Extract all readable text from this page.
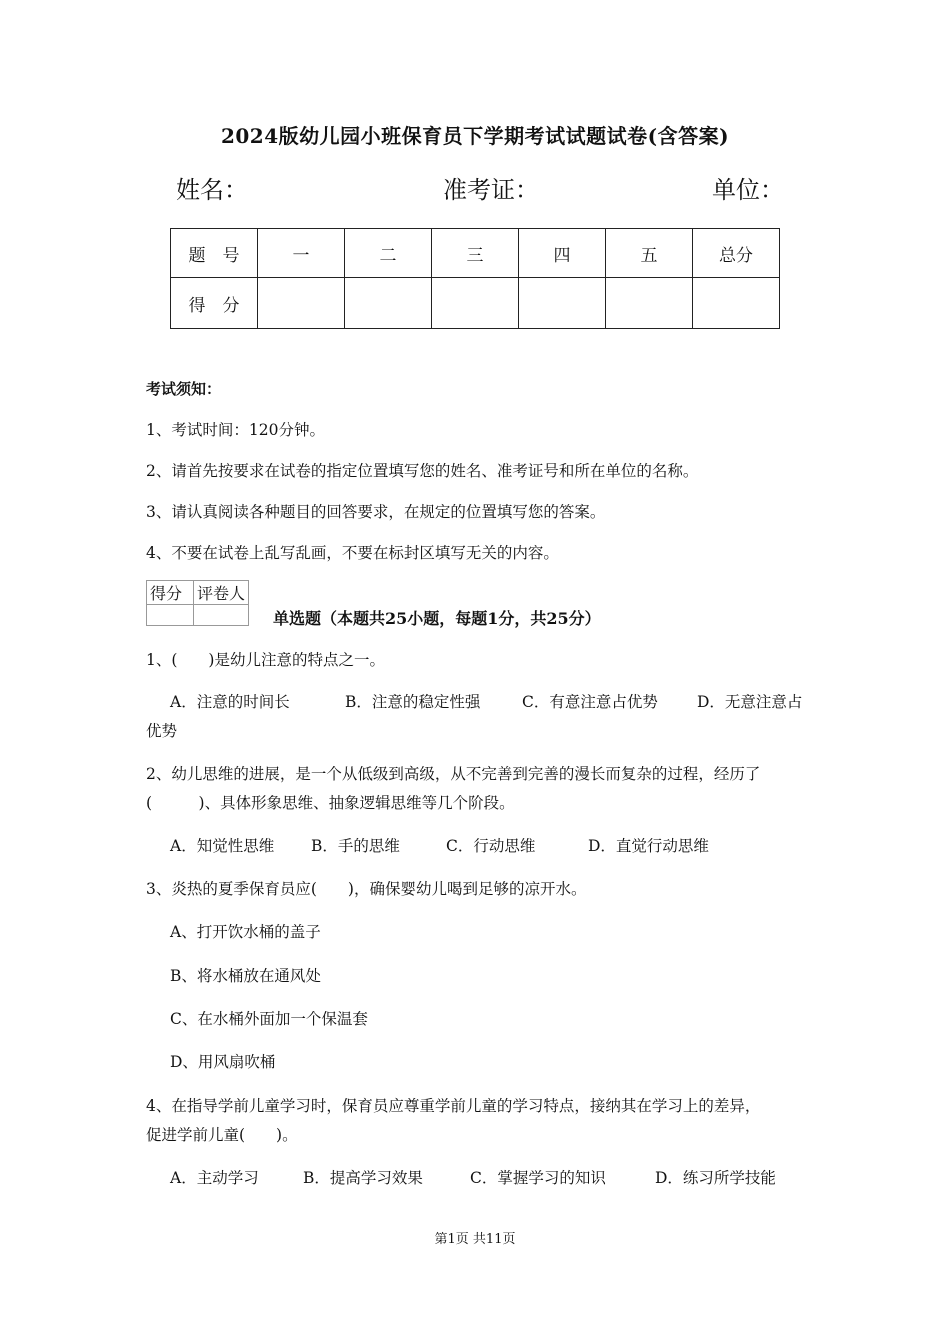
2024版幼儿园小班保育员下学期考试试题试卷(含答案)
姓名：	准考证：	单位：
题　号	一	二	三	四	五	总分
得　分						
考试须知：
1、考试时间：120分钟。
2、请首先按要求在试卷的指定位置填写您的姓名、准考证号和所在单位的名称。
3、请认真阅读各种题目的回答要求，在规定的位置填写您的答案。
4、不要在试卷上乱写乱画，不要在标封区填写无关的内容。
得分	评卷人

单选题（本题共25小题，每题1分，共25分）
1、(　　)是幼儿注意的特点之一。
A．注意的时间长	B．注意的稳定性强	C．有意注意占优势	D．无意注意占
优势
2、幼儿思维的进展，是一个从低级到高级，从不完善到完善的漫长而复杂的过程，经历了
(　　　)、具体形象思维、抽象逻辑思维等几个阶段。
A．知觉性思维 B．手的思维	C．行动思维	D．直觉行动思维
3、炎热的夏季保育员应(　　)，确保婴幼儿喝到足够的凉开水。
A、打开饮水桶的盖子
B、将水桶放在通风处
C、在水桶外面加一个保温套
D、用风扇吹桶
4、在指导学前儿童学习时，保育员应尊重学前儿童的学习特点，接纳其在学习上的差异，
促进学前儿童(　　)。
A．主动学习	B．提高学习效果	C．掌握学习的知识	D．练习所学技能
第1页 共11页
